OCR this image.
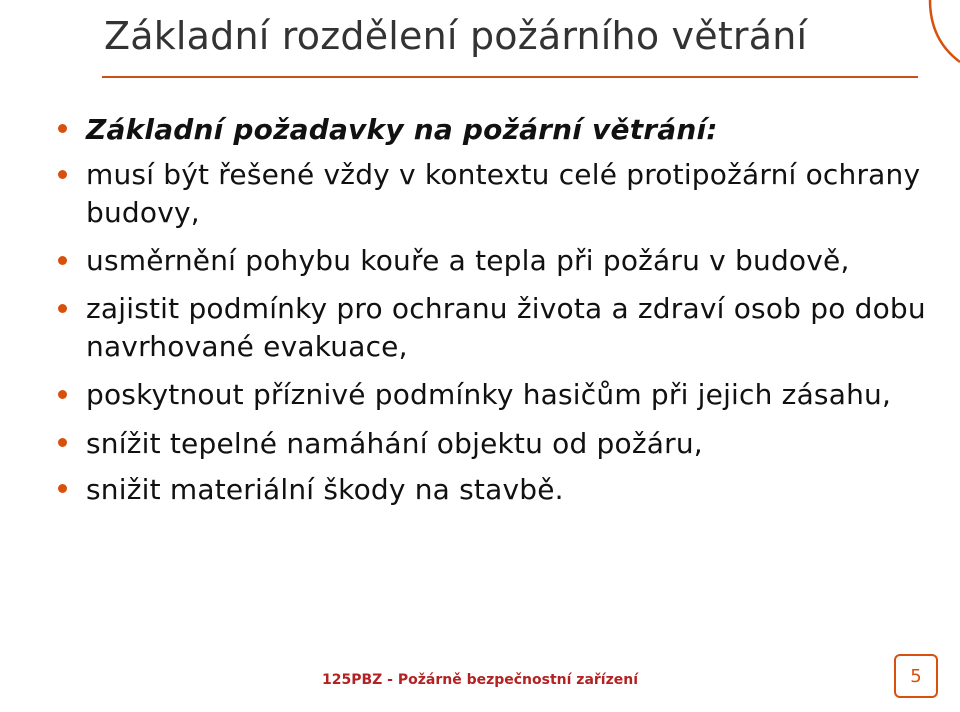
Základní rozdělení požárního větrání
Základní požadavky na požární větrání:
musí být řešené vždy v kontextu celé protipožární ochrany budovy,
usměrnění pohybu kouře a tepla při požáru v budově,
zajistit podmínky pro ochranu života a zdraví osob po dobu navrhované evakuace,
poskytnout příznivé podmínky hasičům při jejich zásahu,
snížit tepelné namáhání objektu od požáru,
snižit materiální škody na stavbě.
125PBZ - Požárně bezpečnostní zařízení	5
